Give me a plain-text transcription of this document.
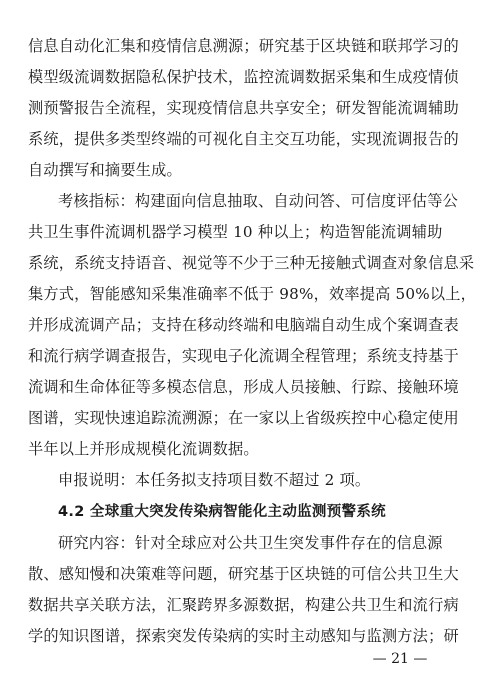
信息自动化汇集和疫情信息溯源；研究基于区块链和联邦学习的
模型级流调数据隐私保护技术，监控流调数据采集和生成疫情侦
测预警报告全流程，实现疫情信息共享安全；研发智能流调辅助
系统，提供多类型终端的可视化自主交互功能，实现流调报告的
自动撰写和摘要生成。
考核指标：构建面向信息抽取、自动问答、可信度评估等公
共卫生事件流调机器学习模型 10 种以上；构造智能流调辅助
系统，系统支持语音、视觉等不少于三种无接触式调查对象信息采
集方式，智能感知采集准确率不低于 98%，效率提高 50%以上，
并形成流调产品；支持在移动终端和电脑端自动生成个案调查表
和流行病学调查报告，实现电子化流调全程管理；系统支持基于
流调和生命体征等多模态信息，形成人员接触、行踪、接触环境
图谱，实现快速追踪流溯源；在一家以上省级疾控中心稳定使用
半年以上并形成规模化流调数据。
申报说明：本任务拟支持项目数不超过 2 项。
4.2 全球重大突发传染病智能化主动监测预警系统
研究内容：针对全球应对公共卫生突发事件存在的信息源
散、感知慢和决策难等问题，研究基于区块链的可信公共卫生大
数据共享关联方法，汇聚跨界多源数据，构建公共卫生和流行病
学的知识图谱，探索突发传染病的实时主动感知与监测方法；研
— 21 —
